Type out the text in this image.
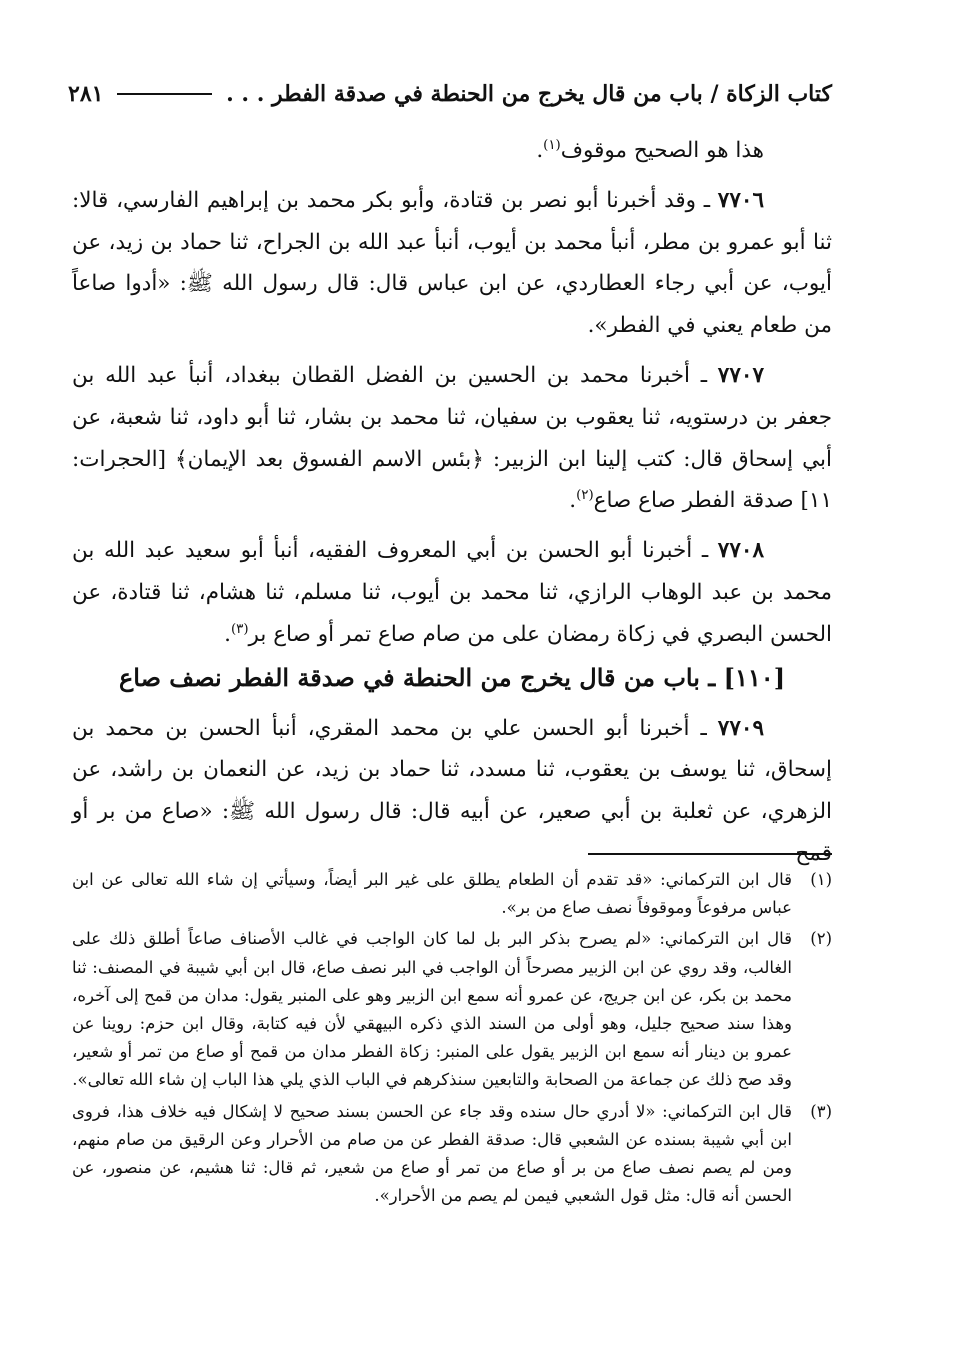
كتاب الزكاة / باب من قال يخرج من الحنطة في صدقة الفطر . . .
٢٨١

هذا هو الصحيح موقوف$^{(١)}$.

٧٧٠٦ ـ وقد أخبرنا أبو نصر بن قتادة، وأبو بكر محمد بن إبراهيم الفارسي، قالا: ثنا أبو عمرو بن مطر، أنبأ محمد بن أيوب، أنبأ عبد الله بن الجراح، ثنا حماد بن زيد، عن أيوب، عن أبي رجاء العطاردي، عن ابن عباس قال: قال رسول الله ﷺ: «أدوا صاعاً من طعام يعني في الفطر».

٧٧٠٧ ـ أخبرنا محمد بن الحسين بن الفضل القطان ببغداد، أنبأ عبد الله بن جعفر بن درستويه، ثنا يعقوب بن سفيان، ثنا محمد بن بشار، ثنا أبو داود، ثنا شعبة، عن أبي إسحاق قال: كتب إلينا ابن الزبير: ﴿بئس الاسم الفسوق بعد الإيمان﴾ [الحجرات: ١١] صدقة الفطر صاع صاع$^{(٢)}$.

٧٧٠٨ ـ أخبرنا أبو الحسن بن أبي المعروف الفقيه، أنبأ أبو سعيد عبد الله بن محمد بن عبد الوهاب الرازي، ثنا محمد بن أيوب، ثنا مسلم، ثنا هشام، ثنا قتادة، عن الحسن البصري في زكاة رمضان على من صام صاع تمر أو صاع بر$^{(٣)}$.

[١١٠] ـ باب من قال يخرج من الحنطة في صدقة الفطر نصف صاع

٧٧٠٩ ـ أخبرنا أبو الحسن علي بن محمد المقري، أنبأ الحسن بن محمد بن إسحاق، ثنا يوسف بن يعقوب، ثنا مسدد، ثنا حماد بن زيد، عن النعمان بن راشد، عن الزهري، عن ثعلبة بن أبي صعير، عن أبيه قال: قال رسول الله ﷺ: «صاع من بر أو قمح

(١)
قال ابن التركماني: «قد تقدم أن الطعام يطلق على غير البر أيضاً، وسيأتي إن شاء الله تعالى عن ابن عباس مرفوعاً وموقوفاً نصف صاع من بر».
(٢)
قال ابن التركماني: «لم يصرح بذكر البر بل لما كان الواجب في غالب الأصناف صاعاً أطلق ذلك على الغالب، وقد روي عن ابن الزبير مصرحاً أن الواجب في البر نصف صاع، قال ابن أبي شيبة في المصنف: ثنا محمد بن بكر، عن ابن جريج، عن عمرو أنه سمع ابن الزبير وهو على المنبر يقول: مدان من قمح إلى آخره، وهذا سند صحيح جليل، وهو أولى من السند الذي ذكره البيهقي لأن فيه كتابة، وقال ابن حزم: روينا عن عمرو بن دينار أنه سمع ابن الزبير يقول على المنبر: زكاة الفطر مدان من قمح أو صاع من تمر أو شعير، وقد صح ذلك عن جماعة من الصحابة والتابعين سنذكرهم في الباب الذي يلي هذا الباب إن شاء الله تعالى».
(٣)
قال ابن التركماني: «لا أدري حال سنده وقد جاء عن الحسن بسند صحيح لا إشكال فيه خلاف هذا، فروى ابن أبي شيبة بسنده عن الشعبي قال: صدقة الفطر عن من صام من الأحرار وعن الرقيق من صام منهم، ومن لم يصم نصف صاع من بر أو صاع من تمر أو صاع من شعير، ثم قال: ثنا هشيم، عن منصور، عن الحسن أنه قال: مثل قول الشعبي فيمن لم يصم من الأحرار».
